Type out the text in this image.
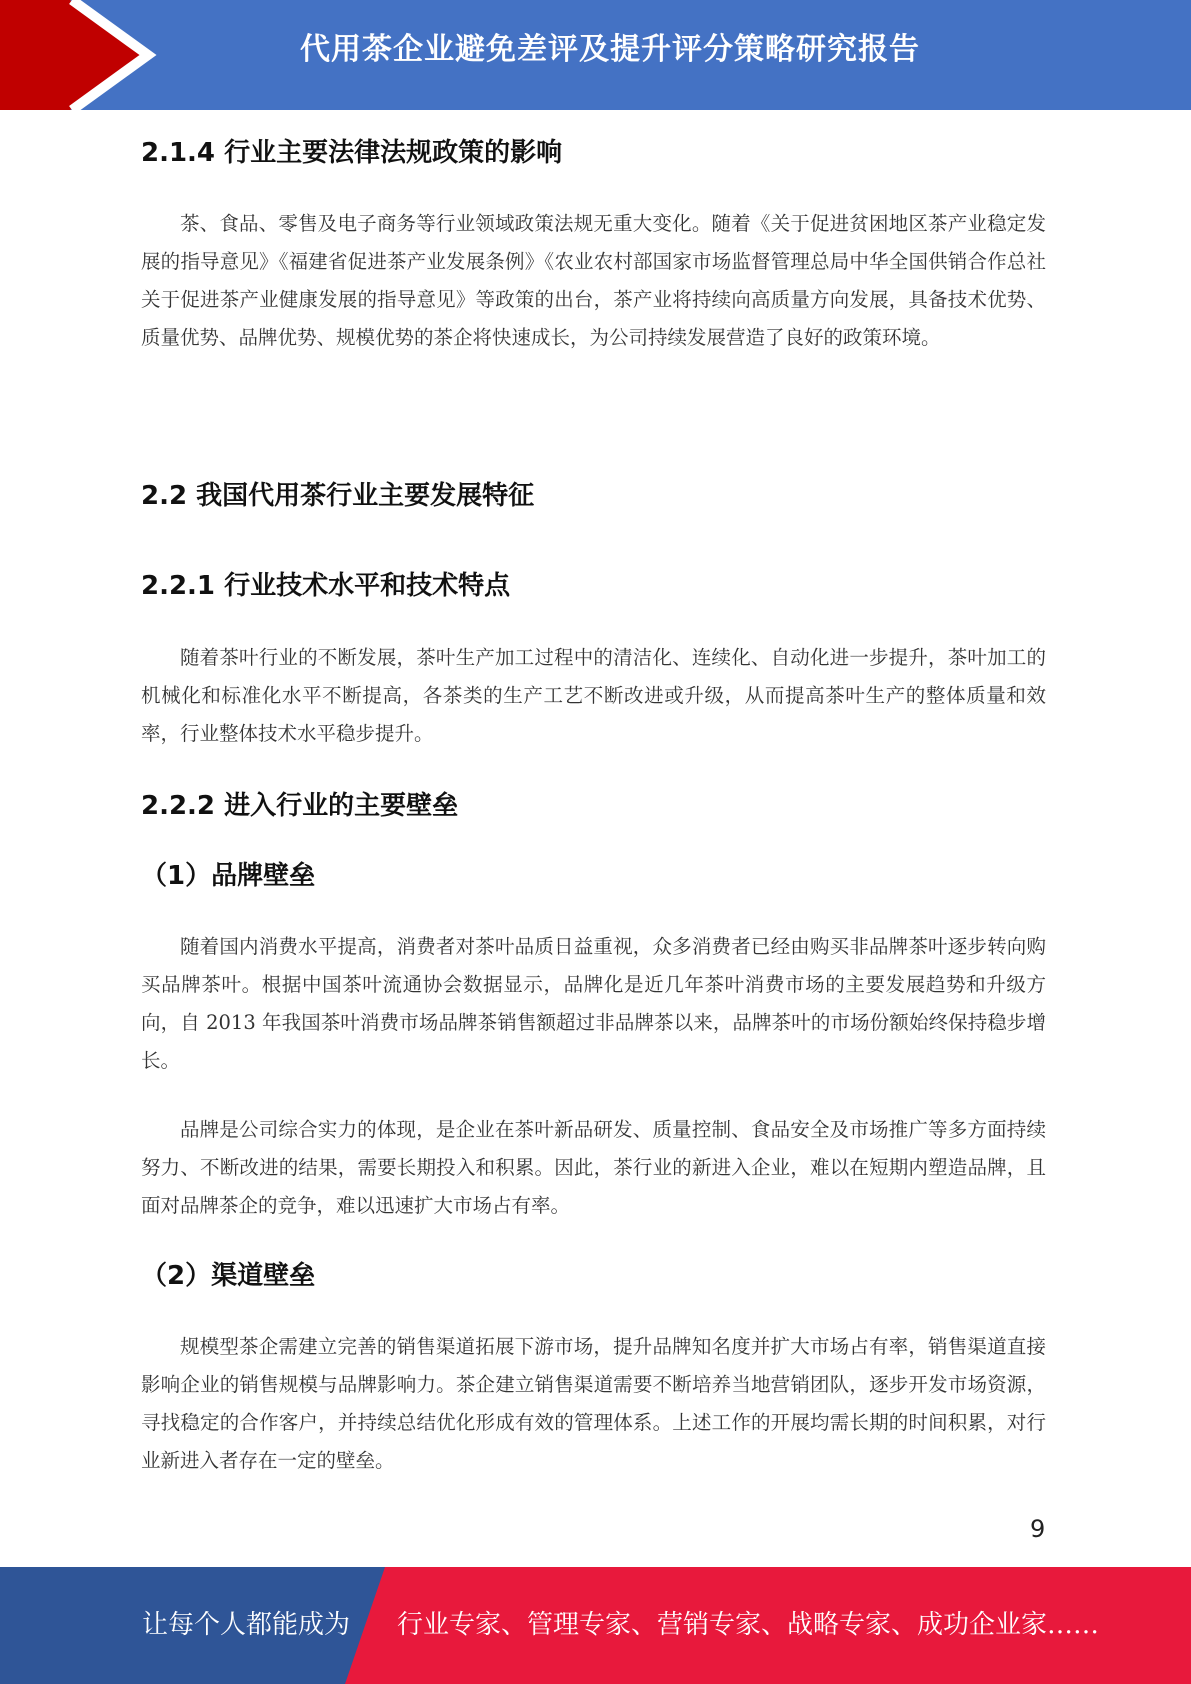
代用茶企业避免差评及提升评分策略研究报告
2.1.4 行业主要法律法规政策的影响

茶、食品、零售及电子商务等行业领域政策法规无重大变化。随着《关于促进贫困地区茶产业稳定发展的指导意见》《福建省促进茶产业发展条例》《农业农村部国家市场监督管理总局中华全国供销合作总社关于促进茶产业健康发展的指导意见》等政策的出台，茶产业将持续向高质量方向发展，具备技术优势、质量优势、品牌优势、规模优势的茶企将快速成长，为公司持续发展营造了良好的政策环境。

2.2 我国代用茶行业主要发展特征
2.2.1 行业技术水平和技术特点

随着茶叶行业的不断发展，茶叶生产加工过程中的清洁化、连续化、自动化进一步提升，茶叶加工的机械化和标准化水平不断提高，各茶类的生产工艺不断改进或升级，从而提高茶叶生产的整体质量和效率，行业整体技术水平稳步提升。

2.2.2 进入行业的主要壁垒
（1）品牌壁垒

随着国内消费水平提高，消费者对茶叶品质日益重视，众多消费者已经由购买非品牌茶叶逐步转向购买品牌茶叶。根据中国茶叶流通协会数据显示，品牌化是近几年茶叶消费市场的主要发展趋势和升级方向，自 2013 年我国茶叶消费市场品牌茶销售额超过非品牌茶以来，品牌茶叶的市场份额始终保持稳步增长。

品牌是公司综合实力的体现，是企业在茶叶新品研发、质量控制、食品安全及市场推广等多方面持续努力、不断改进的结果，需要长期投入和积累。因此，茶行业的新进入企业，难以在短期内塑造品牌，且面对品牌茶企的竞争，难以迅速扩大市场占有率。

（2）渠道壁垒

规模型茶企需建立完善的销售渠道拓展下游市场，提升品牌知名度并扩大市场占有率，销售渠道直接影响企业的销售规模与品牌影响力。茶企建立销售渠道需要不断培养当地营销团队，逐步开发市场资源，寻找稳定的合作客户，并持续总结优化形成有效的管理体系。上述工作的开展均需长期的时间积累，对行业新进入者存在一定的壁垒。

9
让每个人都能成为 行业专家、管理专家、营销专家、战略专家、成功企业家……
